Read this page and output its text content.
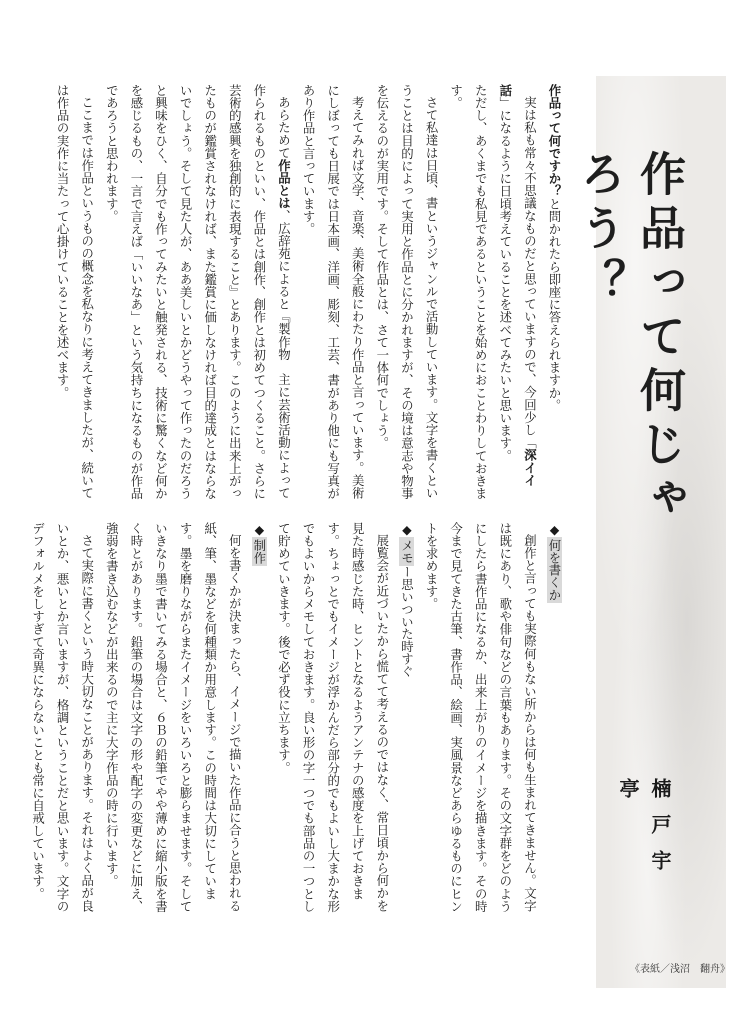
作品って何じゃろう？
楠戸宇亭
《表紙／浅沼　翻舟》

作品って何ですか？と問かれたら即座に答えられますか。

実は私も常々不思議なものだと思っていますので、今回少し「深イイ話」になるように日頃考えていることを述べてみたいと思います。

ただし、あくまでも私見であるということを始めにおことわりしておきます。

さて私達は日頃、書というジャンルで活動しています。文字を書くということは目的によって実用と作品とに分かれますが、その境は意志や物事を伝えるのが実用です。そして作品とは、さて一体何でしょう。

考えてみれば文学、音楽、美術全般にわたり作品と言っています。美術にしぼっても日展では日本画、洋画、彫刻、工芸、書があり他にも写真があり作品と言っています。

あらためて作品とは、広辞苑によると『製作物　主に芸術活動によって作られるものといい、作品とは創作、創作とは初めてつくること。さらに芸術的感興を独創的に表現すること』とあります。このように出来上がったものが鑑賞されなければ、また鑑賞に価しなければ目的達成とはならないでしょう。そして見た人が、ああ美しいとかどうやって作ったのだろうと興味をひく、自分でも作ってみたいと触発される、技術に驚くなど何かを感じるもの、一言で言えば「いいなあ」という気持ちになるものが作品であろうと思われます。

ここまでは作品というものの概念を私なりに考えてきましたが、続いては作品の実作に当たって心掛けていることを述べます。

◆何を書くか

創作と言っても実際何もない所からは何も生まれてきません。文字は既にあり、歌や俳句などの言葉もあります。その文字群をどのようにしたら書作品になるか、出来上がりのイメージを描きます。その時今まで見てきた古筆、書作品、絵画、実風景などあらゆるものにヒントを求めます。

◆メモー思いついた時すぐ

展覧会が近づいたから慌てて考えるのではなく、常日頃から何かを見た時感じた時、ヒントとなるようアンテナの感度を上げておきます。ちょっとでもイメージが浮かんだら部分的でもよいし大まかな形でもよいからメモしておきます。良い形の字一つでも部品の一つとして貯めていきます。後で必ず役に立ちます。

◆制作

何を書くかが決まったら、イメージで描いた作品に合うと思われる紙、筆、墨などを何種類か用意します。この時間は大切にしています。墨を磨りながらまたイメージをいろいろと膨らませます。そしていきなり墨で書いてみる場合と、６Ｂの鉛筆でやや薄めに縮小版を書く時とがあります。鉛筆の場合は文字の形や配字の変更などに加え、強弱を書き込むなどが出来るので主に大字作品の時に行います。

さて実際に書くという時大切なことがあります。それはよく品が良いとか、悪いとか言いますが、格調ということだと思います。文字のデフォルメをしすぎて奇異にならないことも常に自戒しています。
